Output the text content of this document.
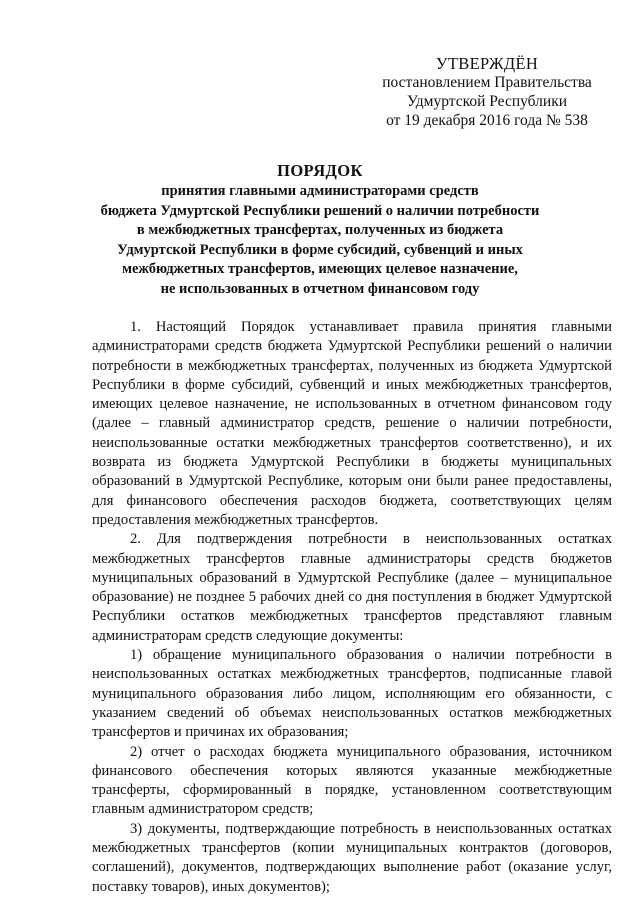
УТВЕРЖДЁН
постановлением Правительства
Удмуртской Республики
от 19 декабря 2016 года № 538
ПОРЯДОК
принятия главными администраторами средств
бюджета Удмуртской Республики решений о наличии потребности
в межбюджетных трансфертах, полученных из бюджета
Удмуртской Республики в форме субсидий, субвенций и иных
межбюджетных трансфертов, имеющих целевое назначение,
не использованных в отчетном финансовом году

1. Настоящий Порядок устанавливает правила принятия главными администраторами средств бюджета Удмуртской Республики решений о наличии потребности в межбюджетных трансфертах, полученных из бюджета Удмуртской Республики в форме субсидий, субвенций и иных межбюджетных трансфертов, имеющих целевое назначение, не использованных в отчетном финансовом году (далее – главный администратор средств, решение о наличии потребности, неиспользованные остатки межбюджетных трансфертов соответственно), и их возврата из бюджета Удмуртской Республики в бюджеты муниципальных образований в Удмуртской Республике, которым они были ранее предоставлены, для финансового обеспечения расходов бюджета, соответствующих целям предоставления межбюджетных трансфертов.

2. Для подтверждения потребности в неиспользованных остатках межбюджетных трансфертов главные администраторы средств бюджетов муниципальных образований в Удмуртской Республике (далее – муниципальное образование) не позднее 5 рабочих дней со дня поступления в бюджет Удмуртской Республики остатков межбюджетных трансфертов представляют главным администраторам средств следующие документы:

1) обращение муниципального образования о наличии потребности в неиспользованных остатках межбюджетных трансфертов, подписанные главой муниципального образования либо лицом, исполняющим его обязанности, с указанием сведений об объемах неиспользованных остатков межбюджетных трансфертов и причинах их образования;

2) отчет о расходах бюджета муниципального образования, источником финансового обеспечения которых являются указанные межбюджетные трансферты, сформированный в порядке, установленном соответствующим главным администратором средств;

3) документы, подтверждающие потребность в неиспользованных остатках межбюджетных трансфертов (копии муниципальных контрактов (договоров, соглашений), документов, подтверждающих выполнение работ (оказание услуг, поставку товаров), иных документов);
